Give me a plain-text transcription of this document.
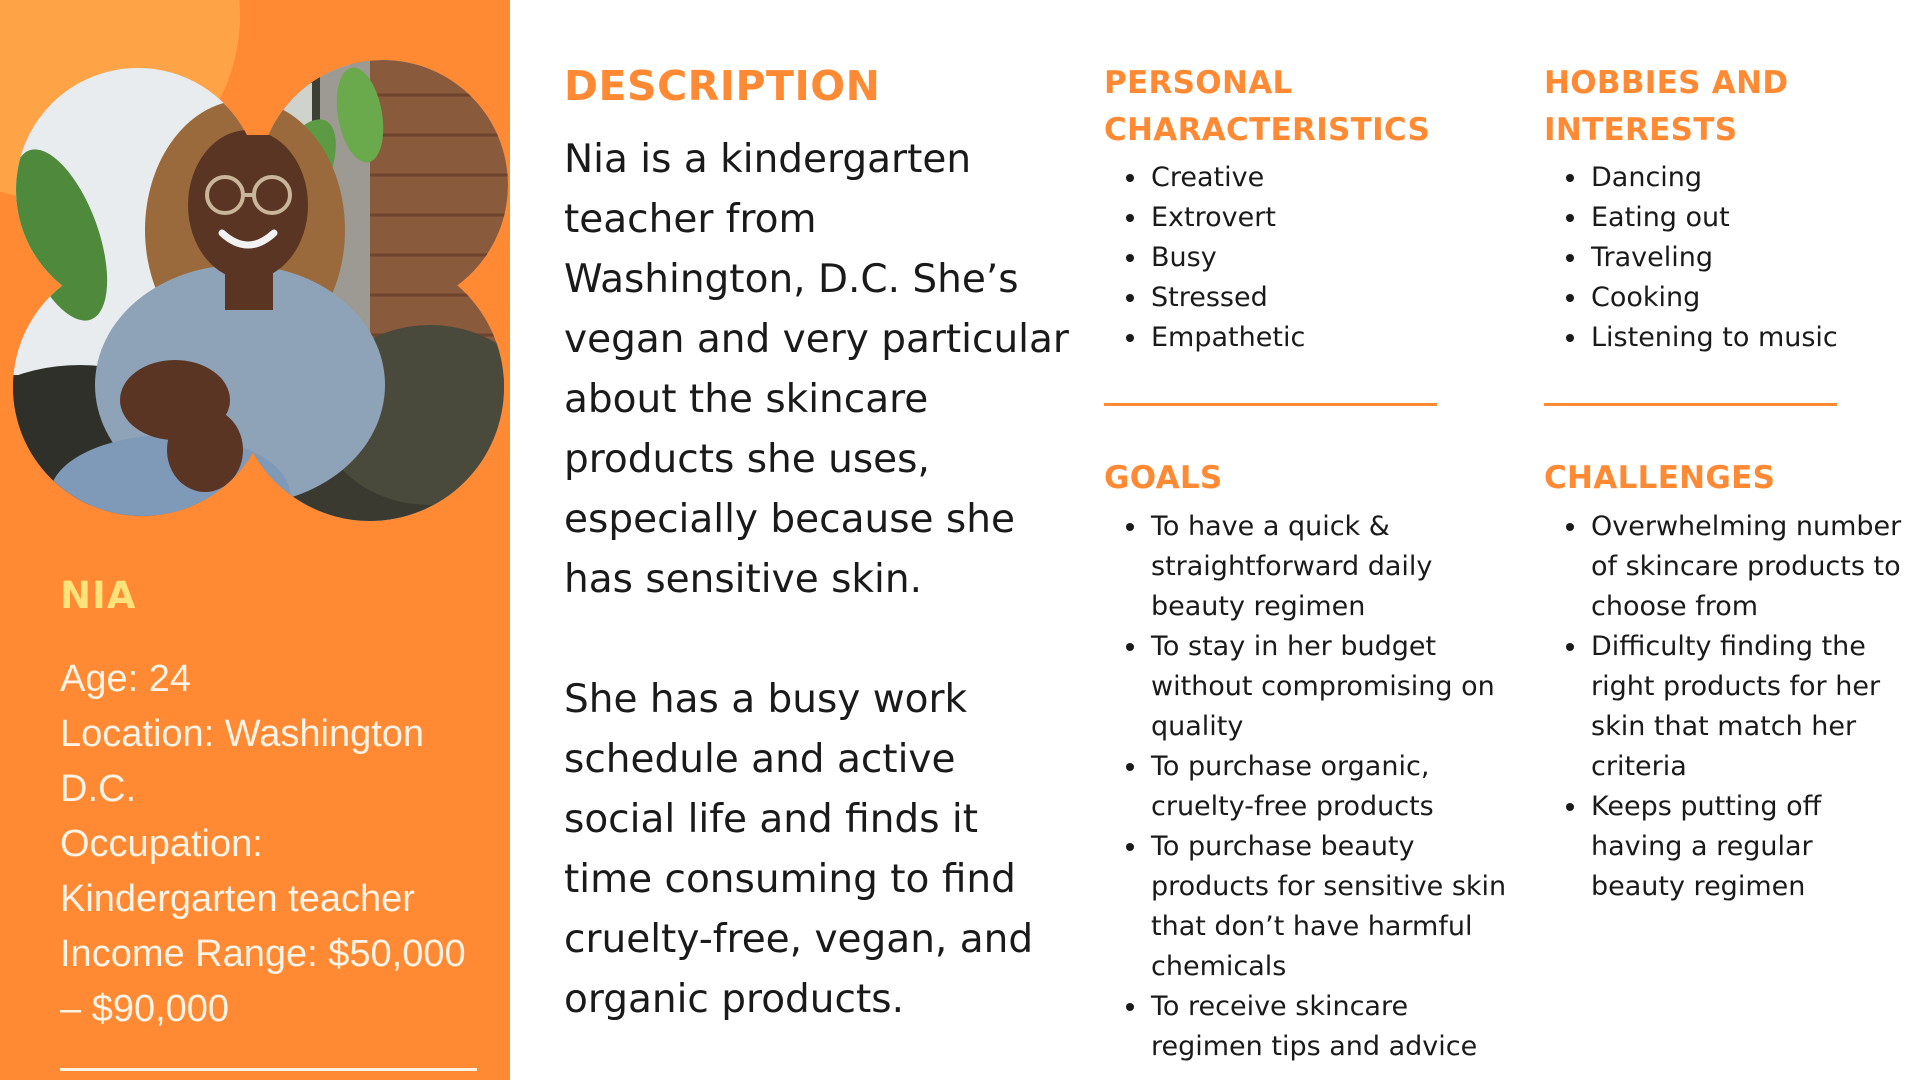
NIA
Age: 24
Location: Washington D.C.
Occupation: Kindergarten teacher
Income Range: $50,000 – $90,000
DESCRIPTION

Nia is a kindergarten teacher from Washington, D.C. She’s vegan and very particular about the skincare products she uses, especially because she has sensitive skin.

She has a busy work schedule and active social life and finds it time consuming to find cruelty-free, vegan, and organic products.

PERSONAL
CHARACTERISTICS
• Creative
• Extrovert
• Busy
• Stressed
• Empathetic
HOBBIES AND
INTERESTS
• Dancing
• Eating out
• Traveling
• Cooking
• Listening to music
GOALS
• To have a quick & straightforward daily beauty regimen
• To stay in her budget without compromising on quality
• To purchase organic, cruelty-free products
• To purchase beauty products for sensitive skin that don’t have harmful chemicals
• To receive skincare regimen tips and advice
CHALLENGES
• Overwhelming number of skincare products to choose from
• Difficulty finding the right products for her skin that match her criteria
• Keeps putting off having a regular beauty regimen
